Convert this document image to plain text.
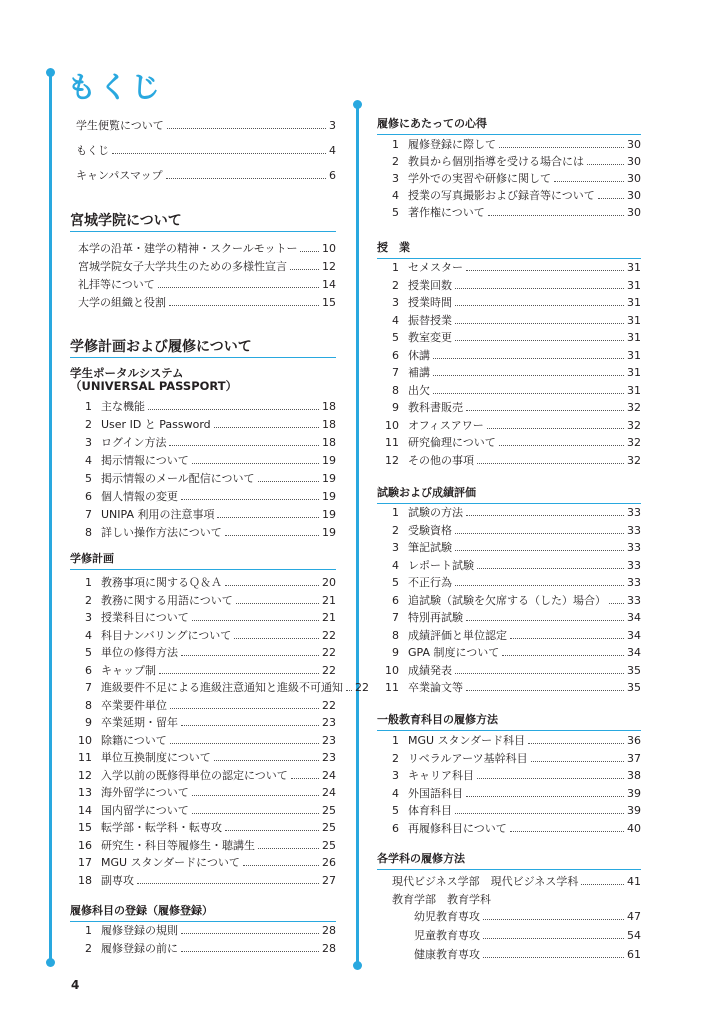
もくじ
学生便覧について	3
もくじ	4
キャンパスマップ	6
宮城学院について
本学の沿革・建学の精神・スクールモットー 10
宮城学院女子大学共生のための多様性宣言	12
礼拝等について	14
大学の組織と役割	15
学修計画および履修について
学生ポータルシステム
（UNIVERSAL PASSPORT）
1 主な機能	18
2 User ID と Password	18
3 ログイン方法	18
4 掲示情報について	19
5 掲示情報のメール配信について	19
6 個人情報の変更	19
7 UNIPA 利用の注意事項	19
8 詳しい操作方法について	19
学修計画
1 教務事項に関するＱ＆Ａ	20
2 教務に関する用語について	21
3 授業科目について	21
4 科目ナンバリングについて	22
5 単位の修得方法	22
6 キャップ制	22
7 進級要件不足による進級注意通知と進級不可通知 22
8 卒業要件単位	22
9 卒業延期・留年	23
10 除籍について	23
11 単位互換制度について	23
12 入学以前の既修得単位の認定について	24
13 海外留学について	24
14 国内留学について	25
15 転学部・転学科・転専攻	25
16 研究生・科目等履修生・聴講生	25
17 MGU スタンダードについて	26
18 副専攻	27
履修科目の登録（履修登録）
1 履修登録の規則	28
2 履修登録の前に	28
履修にあたっての心得
1 履修登録に際して	30
2 教員から個別指導を受ける場合には	30
3 学外での実習や研修に関して	30
4 授業の写真撮影および録音等について	30
5 著作権について	30
授　業
1 セメスター	31
2 授業回数	31
3 授業時間	31
4 振替授業	31
5 教室変更	31
6 休講	31
7 補講	31
8 出欠	31
9 教科書販売	32
10 オフィスアワー	32
11 研究倫理について	32
12 その他の事項	32
試験および成績評価
1 試験の方法	33
2 受験資格	33
3 筆記試験	33
4 レポート試験	33
5 不正行為	33
6 追試験（試験を欠席する（した）場合） 33
7 特別再試験	34
8 成績評価と単位認定	34
9 GPA 制度について	34
10 成績発表	35
11 卒業論文等	35
一般教育科目の履修方法
1 MGU スタンダード科目	36
2 リベラルアーツ基幹科目	37
3 キャリア科目	38
4 外国語科目	39
5 体育科目	39
6 再履修科目について	40
各学科の履修方法
現代ビジネス学部　現代ビジネス学科	41
教育学部　教育学科
幼児教育専攻	47
児童教育専攻	54
健康教育専攻	61
4
